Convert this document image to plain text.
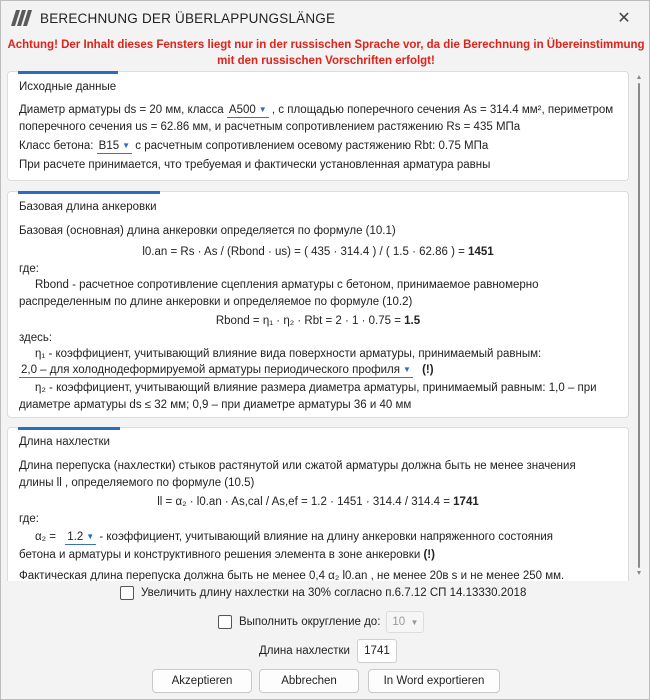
BERECHNUNG DER ÜBERLAPPUNGSLÄNGE	✕
Achtung! Der Inhalt dieses Fensters liegt nur in der russischen Sprache vor, da die Berechnung in Übereinstimmung
mit den russischen Vorschriften erfolgt!
Исходные данные
Диаметр арматуры ds = 20 мм, класса A500 ▼ , с площадью поперечного сечения As = 314.4 мм², периметром
поперечного сечения us = 62.86 мм, и расчетным сопротивлением растяжению Rs = 435 МПа
Класс бетона: B15 ▼ с расчетным сопротивлением осевому растяжению Rbt: 0.75 МПа
При расчете принимается, что требуемая и фактически установленная арматура равны
Базовая длина анкеровки
Базовая (основная) длина анкеровки определяется по формуле (10.1)
l0.an = Rs · As / (Rbond · us) = ( 435 · 314.4 ) / ( 1.5 · 62.86 ) = 1451
где:
Rbond - расчетное сопротивление сцепления арматуры с бетоном, принимаемое равномерно
распределенным по длине анкеровки и определяемое по формуле (10.2)
Rbond = η₁ · η₂ · Rbt = 2 · 1 · 0.75 = 1.5
здесь:
η₁ - коэффициент, учитывающий влияние вида поверхности арматуры, принимаемый равным:
2,0 – для холоднодеформируемой арматуры периодического профиля ▼ (!)
η₂ - коэффициент, учитывающий влияние размера диаметра арматуры, принимаемый равным: 1,0 – при
диаметре арматуры ds ≤ 32 мм; 0,9 – при диаметре арматуры 36 и 40 мм
Длина нахлестки
Длина перепуска (нахлестки) стыков растянутой или сжатой арматуры должна быть не менее значения
длины ll , определяемого по формуле (10.5)
ll = α₂ · l0.an · As,cal / As,ef = 1.2 · 1451 · 314.4 / 314.4 = 1741
где:
α₂ = 1.2 ▼ - коэффициент, учитывающий влияние на длину анкеровки напряженного состояния
бетона и арматуры и конструктивного решения элемента в зоне анкеровки (!)
Фактическая длина перепуска должна быть не менее 0,4 α₂ l0.an , не менее 20в s и не менее 250 мм.
Увеличить длину нахлестки на 30% согласно п.6.7.12 СП 14.13330.2018
Выполнить округление до: 10 ▼
Длина нахлестки 1741
Akzeptieren	Abbrechen	In Word exportieren
